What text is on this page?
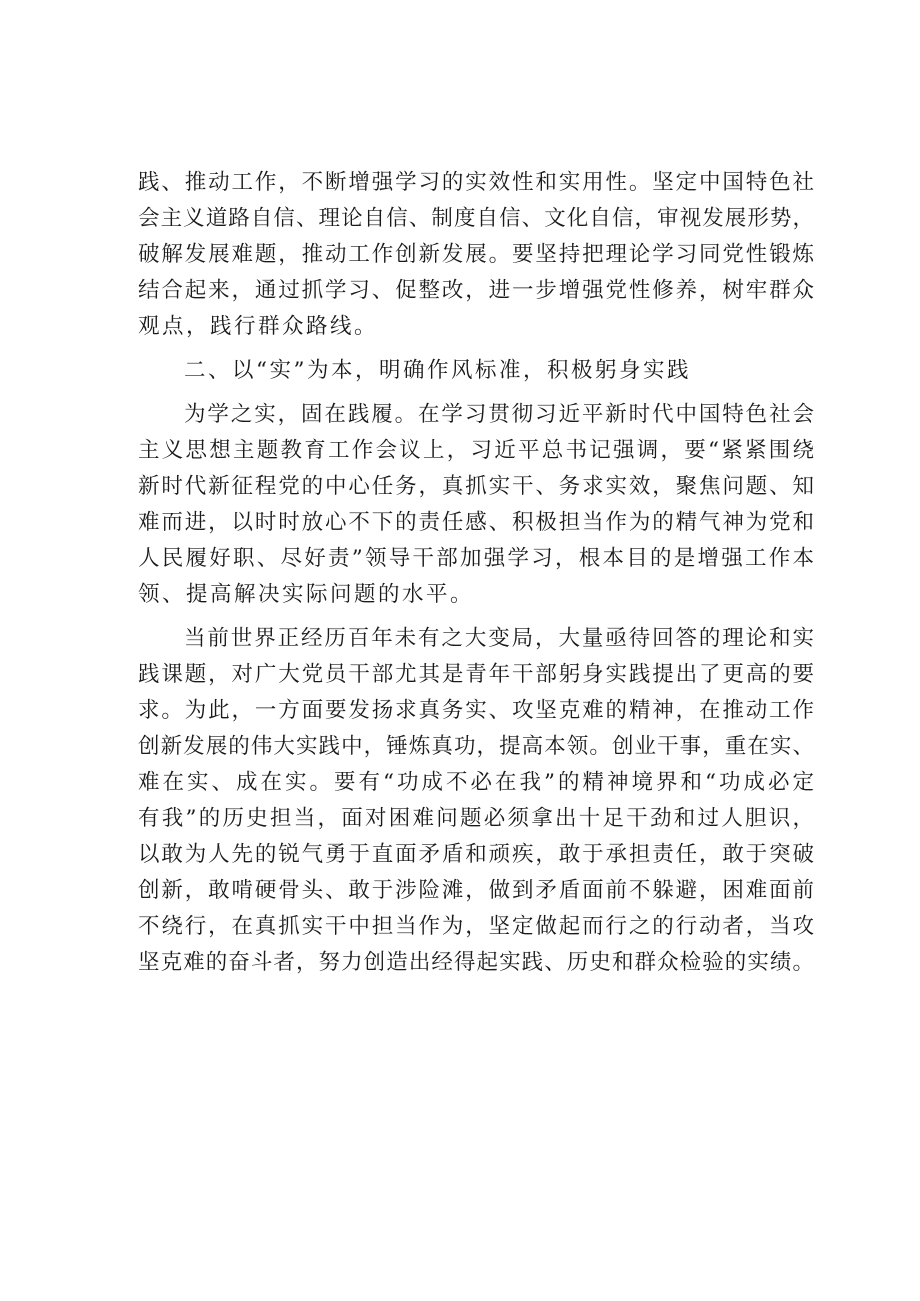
践、推动工作，不断增强学习的实效性和实用性。坚定中国特色社
会主义道路自信、理论自信、制度自信、文化自信，审视发展形势，
破解发展难题，推动工作创新发展。要坚持把理论学习同党性锻炼
结合起来，通过抓学习、促整改，进一步增强党性修养，树牢群众
观点，践行群众路线。
二、以“实”为本，明确作风标准，积极躬身实践
为学之实，固在践履。在学习贯彻习近平新时代中国特色社会
主义思想主题教育工作会议上，习近平总书记强调，要“紧紧围绕
新时代新征程党的中心任务，真抓实干、务求实效，聚焦问题、知
难而进，以时时放心不下的责任感、积极担当作为的精气神为党和
人民履好职、尽好责”领导干部加强学习，根本目的是增强工作本
领、提高解决实际问题的水平。
当前世界正经历百年未有之大变局，大量亟待回答的理论和实
践课题，对广大党员干部尤其是青年干部躬身实践提出了更高的要
求。为此，一方面要发扬求真务实、攻坚克难的精神，在推动工作
创新发展的伟大实践中，锤炼真功，提高本领。创业干事，重在实、
难在实、成在实。要有“功成不必在我”的精神境界和“功成必定
有我”的历史担当，面对困难问题必须拿出十足干劲和过人胆识，
以敢为人先的锐气勇于直面矛盾和顽疾，敢于承担责任，敢于突破
创新，敢啃硬骨头、敢于涉险滩，做到矛盾面前不躲避，困难面前
不绕行，在真抓实干中担当作为，坚定做起而行之的行动者，当攻
坚克难的奋斗者，努力创造出经得起实践、历史和群众检验的实绩。
